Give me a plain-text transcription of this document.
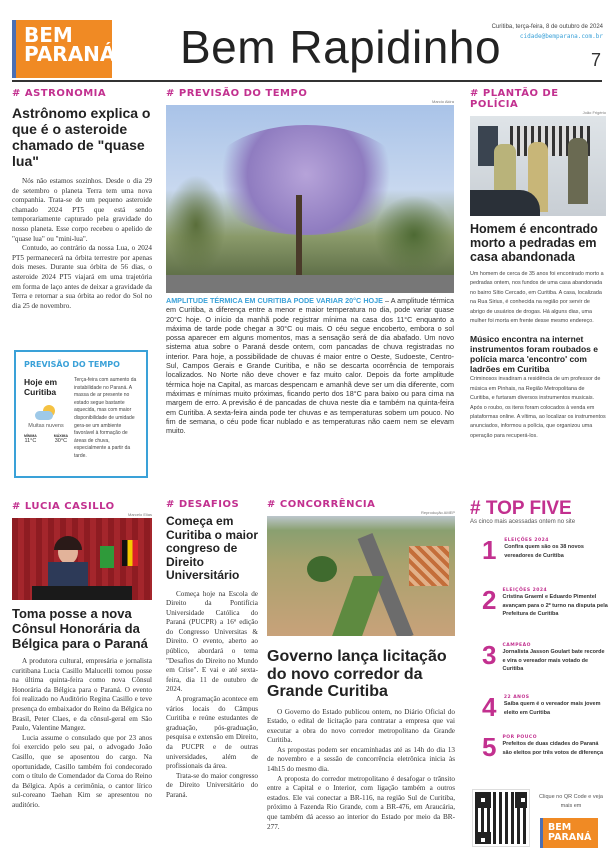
BEM
PARANÁ Bem Rapidinho
Curitiba, terça-feira, 8 de outubro de 2024
cidade@bemparana.com.br
7
# ASTRONOMIA
Astrônomo explica o que é o asteroide chamado de "quase lua"

Nós não estamos sozinhos. Desde o dia 29 de setembro o planeta Terra tem uma nova companhia. Trata-se de um pequeno asteroide chamado 2024 PT5 que está sendo temporariamente capturado pela gravidade do nosso planeta. Esse corpo recebeu o apelido de "quase lua" ou "mini-lua".

Contudo, ao contrário da nossa Lua, o 2024 PT5 permanecerá na órbita terrestre por apenas dois meses. Durante sua órbita de 56 dias, o asteroide 2024 PT5 viajará em uma trajetória em forma de laço antes de deixar a gravidade da Terra e retornar a sua órbita ao redor do Sol no dia 25 de novembro.

PREVISÃO DO TEMPO
Hoje em Curitiba
Muitas nuvens
MÍNIMA
11°C
MÁXIMA
30°C
Terça-feira com aumento da instabilidade no Paraná. A massa de ar presente no estado segue bastante aquecida, mas com maior disponibilidade de umidade gera-se um ambiente favorável à formação de áreas de chuva, especialmente a partir da tarde.
# PREVISÃO DO TEMPO
Marcio Akira
AMPLITUDE TÉRMICA EM CURITIBA PODE VARIAR 20°C HOJE – A amplitude térmica em Curitiba, a diferença entre a menor e maior temperatura no dia, pode variar quase 20°C hoje. O início da manhã pode registrar mínima na casa dos 11°C enquanto a máxima de tarde pode chegar a 30°C ou mais. O céu segue encoberto, embora o sol possa aparecer em alguns momentos, mas a sensação será de dia abafado. Um novo sistema atua sobre o Paraná desde ontem, com pancadas de chuva registradas no interior. Para hoje, a possibilidade de chuvas é maior entre o Oeste, Sudoeste, Centro-Sul, Campos Gerais e Grande Curitiba, e não se descarta ocorrência de temporais localizados. No Norte não deve chover e faz muito calor. Depois da forte amplitude térmica hoje na Capital, as marcas despencam e amanhã deve ser um dia diferente, com máximas e mínimas muito próximas, ficando perto dos 18°C para baixo ou para cima na margem de erro. A previsão é de pancadas de chuva neste dia e também na quinta-feira em Curitiba. A sexta-feira ainda pode ter chuvas e as temperaturas sobem um pouco. No fim de semana, o céu pode ficar nublado e as temperaturas não caem nem se elevam muito.
# PLANTÃO DE POLÍCIA
João Frigério
Homem é encontrado morto a pedradas em casa abandonada
Um homem de cerca de 35 anos foi encontrado morto a pedradas ontem, nos fundos de uma casa abandonada no bairro Sítio Cercado, em Curitiba. A casa, localizada na Rua Sirius, é conhecida na região por servir de abrigo de usuários de drogas. Há alguns dias, uma mulher foi morta em frente desse mesmo endereço.
Músico encontra na internet instrumentos foram roubados e polícia marca 'encontro' com ladrões em Curitiba
Criminosos invadiram a residência de um professor de música em Pinhais, na Região Metropolitana de Curitiba, e furtaram diversos instrumentos musicais. Após o roubo, os itens foram colocados à venda em plataformas online. A vítima, ao localizar os instrumentos anunciados, informou a polícia, que organizou uma operação para recuperá-los.
# LUCIA CASILLO
Marcelo Elias
Toma posse a nova Cônsul Honorária da Bélgica para o Paraná

A produtora cultural, empresária e jornalista curitibana Lucia Casillo Malucelli tomou posse na última quinta-feira como nova Cônsul Honorária da Bélgica para o Paraná. O evento foi realizado no Auditório Regina Casillo e teve presença do embaixador do Reino da Bélgica no Brasil, Peter Claes, e da cônsul-geral em São Paulo, Valentine Mangez.

Lucia assume o consulado que por 23 anos foi exercido pelo seu pai, o advogado João Casillo, que se aposentou do cargo. Na oportunidade, Casillo também foi condecorado com o título de Comendador da Coroa do Reino da Bélgica. Após a cerimônia, o cantor lírico sul-coreano Taehan Kim se apresentou no auditório.

# DESAFIOS
Começa em Curitiba o maior congreso de Direito Universitário

Começa hoje na Escola de Direito da Pontifícia Universidade Católica do Paraná (PUCPR) a 16ª edição do Congresso Universitas & Direito. O evento, aberto ao público, abordará o tema "Desafios do Direito no Mundo em Crise". E vai e até sexta-feira, dia 11 de outubro de 2024.

A programação acontece em vários locais do Câmpus Curitiba e reúne estudantes de graduação, pós-graduação, pesquisa e extensão em Direito, da PUCPR e de outras universidades, além de profissionais da área.

Trata-se do maior congresso de Direito Universitário do Paraná.

# CONCORRÊNCIA
Reprodução AMEP
Governo lança licitação do novo corredor da Grande Curitiba

O Governo do Estado publicou ontem, no Diário Oficial do Estado, o edital de licitação para contratar a empresa que vai executar a obra do novo corredor metropolitano da Grande Curitiba.

As propostas podem ser encaminhadas até as 14h do dia 13 de novembro e a sessão de concorrência eletrônica inicia às 14h15 do mesmo dia.

A proposta do corredor metropolitano é desafogar o trânsito entre a Capital e o Interior, com ligação também a outros estados. Ele vai conectar a BR-116, na região Sul de Curitiba, próximo à Fazenda Rio Grande, com a BR-476, em Araucária, que também dá acesso ao interior do Estado por meio da BR-277.

# TOP FIVE
As cinco mais acessadas ontem no site
1	ELEIÇÕES 2024
Confira quem são os 38 novos vereadores de Curitiba
2 ELEIÇÕES 2024
Cristina Graeml e Eduardo Pimentel avançam para o 2º turno na disputa pela Prefeitura de Curitiba
3 CAMPEÃO
Jornalista Jasson Goulart bate recorde e vira o vereador mais votado de Curitiba
4	22 ANOS
Saiba quem é o vereador mais jovem eleito em Curitiba
5 POR POUCO
Prefeitos de duas cidades do Paraná são eleitos por três votos de diferença
Clique no QR Code e veja mais em
BEM
PARANÁ
